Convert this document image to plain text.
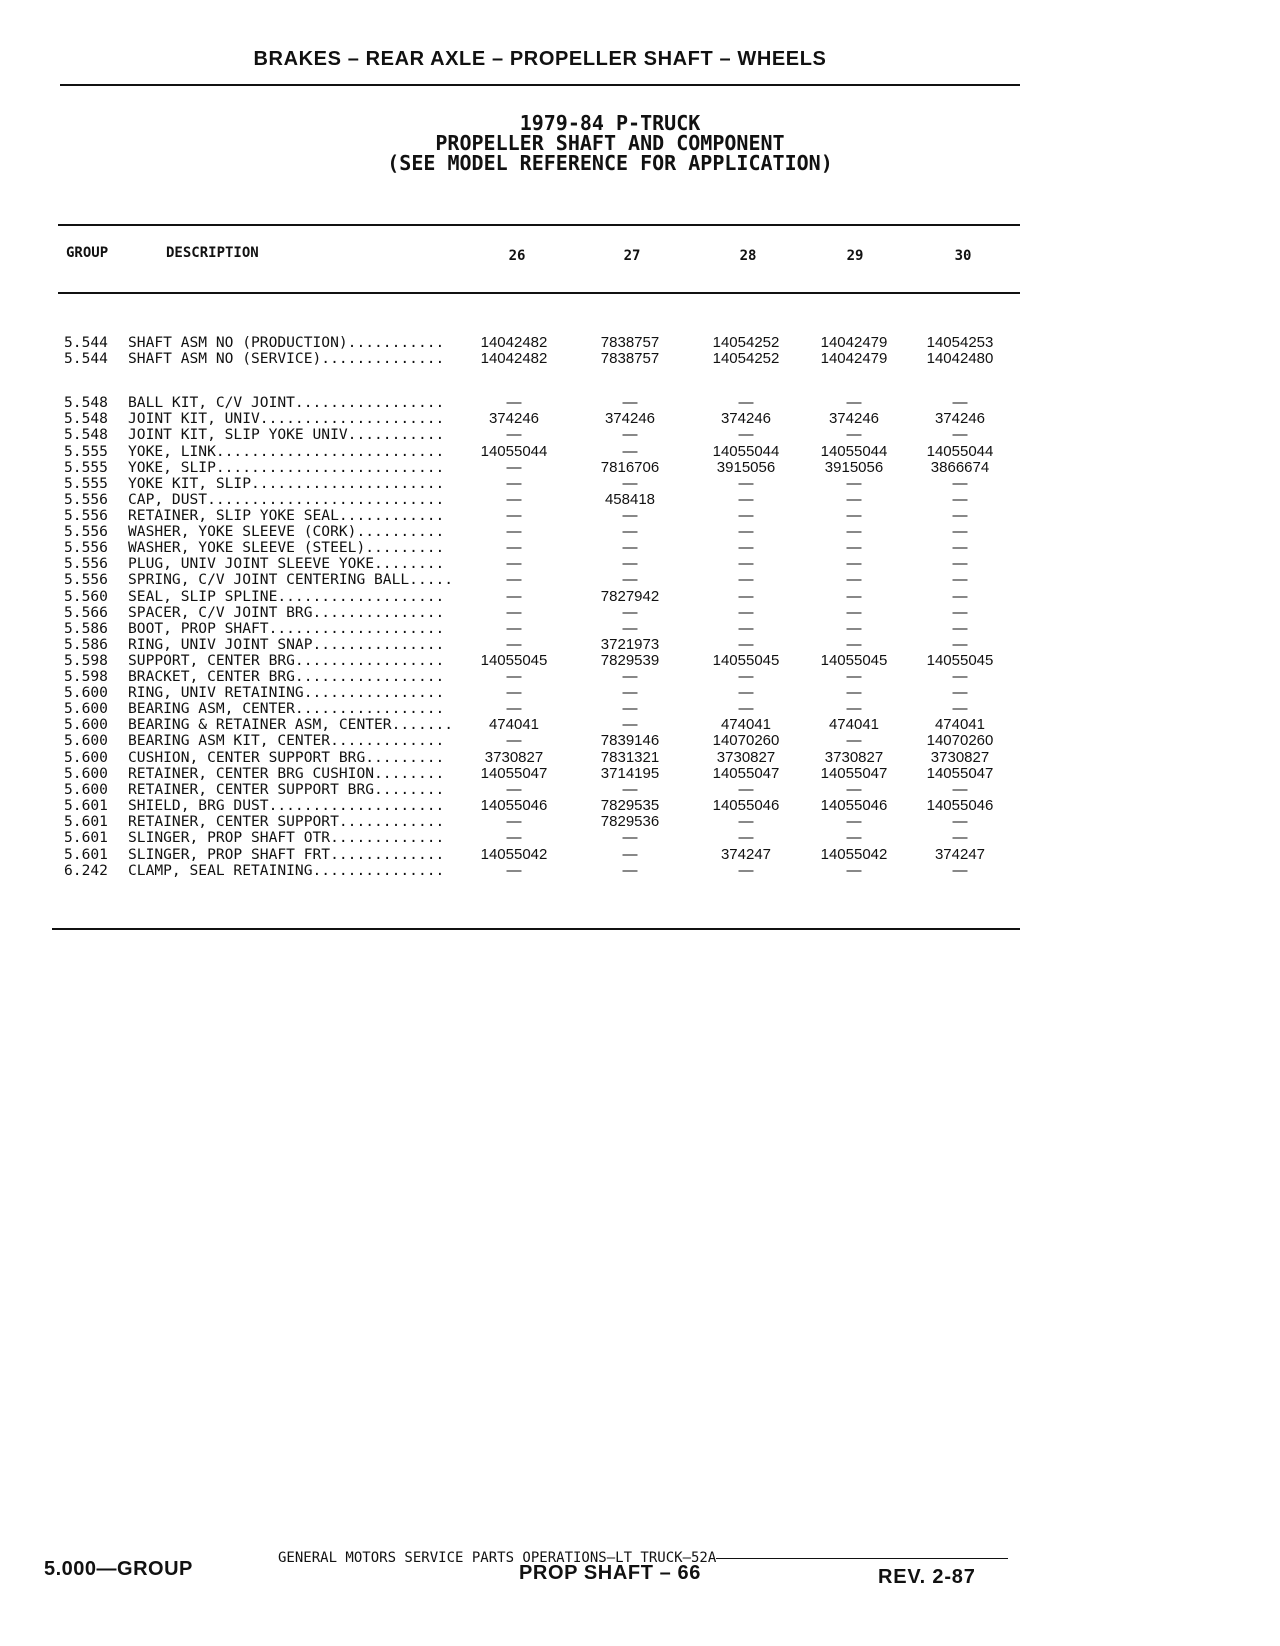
BRAKES – REAR AXLE – PROPELLER SHAFT – WHEELS
1979-84 P-TRUCK
PROPELLER SHAFT AND COMPONENT
(SEE MODEL REFERENCE FOR APPLICATION)
GROUP	DESCRIPTION	26	27	28	29	30
5.544	SHAFT ASM NO (PRODUCTION)...........	14042482	7838757	14054252	14042479	14054253
5.544	SHAFT ASM NO (SERVICE)..............	14042482	7838757	14054252	14042479	14042480
5.548	BALL KIT, C/V JOINT.................	—	—	—	—	—
5.548	JOINT KIT, UNIV.....................	374246	374246	374246	374246	374246
5.548	JOINT KIT, SLIP YOKE UNIV...........	—	—	—	—	—
5.555	YOKE, LINK..........................	14055044	—	14055044	14055044	14055044
5.555	YOKE, SLIP..........................	—	7816706	3915056	3915056	3866674
5.555	YOKE KIT, SLIP......................	—	—	—	—	—
5.556	CAP, DUST...........................	—	458418	—	—	—
5.556	RETAINER, SLIP YOKE SEAL............	—	—	—	—	—
5.556	WASHER, YOKE SLEEVE (CORK)..........	—	—	—	—	—
5.556	WASHER, YOKE SLEEVE (STEEL).........	—	—	—	—	—
5.556	PLUG, UNIV JOINT SLEEVE YOKE........	—	—	—	—	—
5.556	SPRING, C/V JOINT CENTERING BALL.....	—	—	—	—	—
5.560	SEAL, SLIP SPLINE...................	—	7827942	—	—	—
5.566	SPACER, C/V JOINT BRG...............	—	—	—	—	—
5.586	BOOT, PROP SHAFT....................	—	—	—	—	—
5.586	RING, UNIV JOINT SNAP...............	—	3721973	—	—	—
5.598	SUPPORT, CENTER BRG.................	14055045	7829539	14055045	14055045	14055045
5.598	BRACKET, CENTER BRG.................	—	—	—	—	—
5.600	RING, UNIV RETAINING................	—	—	—	—	—
5.600	BEARING ASM, CENTER.................	—	—	—	—	—
5.600	BEARING & RETAINER ASM, CENTER.......	474041	—	474041	474041	474041
5.600	BEARING ASM KIT, CENTER.............	—	7839146	14070260	—	14070260
5.600	CUSHION, CENTER SUPPORT BRG.........	3730827	7831321	3730827	3730827	3730827
5.600	RETAINER, CENTER BRG CUSHION........	14055047	3714195	14055047	14055047	14055047
5.600	RETAINER, CENTER SUPPORT BRG........	—	—	—	—	—
5.601	SHIELD, BRG DUST....................	14055046	7829535	14055046	14055046	14055046
5.601	RETAINER, CENTER SUPPORT............	—	7829536	—	—	—
5.601	SLINGER, PROP SHAFT OTR.............	—	—	—	—	—
5.601	SLINGER, PROP SHAFT FRT.............	14055042	—	374247	14055042	374247
6.242	CLAMP, SEAL RETAINING...............	—	—	—	—	—
GENERAL MOTORS SERVICE PARTS OPERATIONS—LT TRUCK—52A
5.000—GROUP	PROP SHAFT – 66	REV. 2-87
